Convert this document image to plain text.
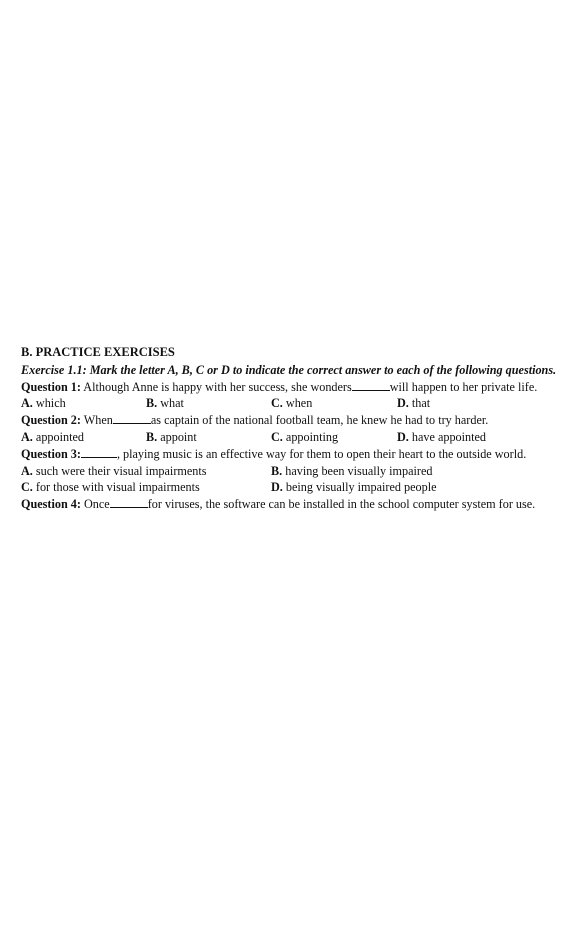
B. PRACTICE EXERCISES
Exercise 1.1: Mark the letter A, B, C or D to indicate the correct answer to each of the following questions.
Question 1: Although Anne is happy with her success, she wonders	will happen to her private life.
A. which	B. what	C. when	D. that
Question 2: When	as captain of the national football team, he knew he had to try harder.
A. appointed	B. appoint	C. appointing	D. have appointed
Question 3:	, playing music is an effective way for them to open their heart to the outside world.
A. such were their visual impairments	B. having been visually impaired
C. for those with visual impairments	D. being visually impaired people
Question 4: Once	for viruses, the software can be installed in the school computer system for use.
